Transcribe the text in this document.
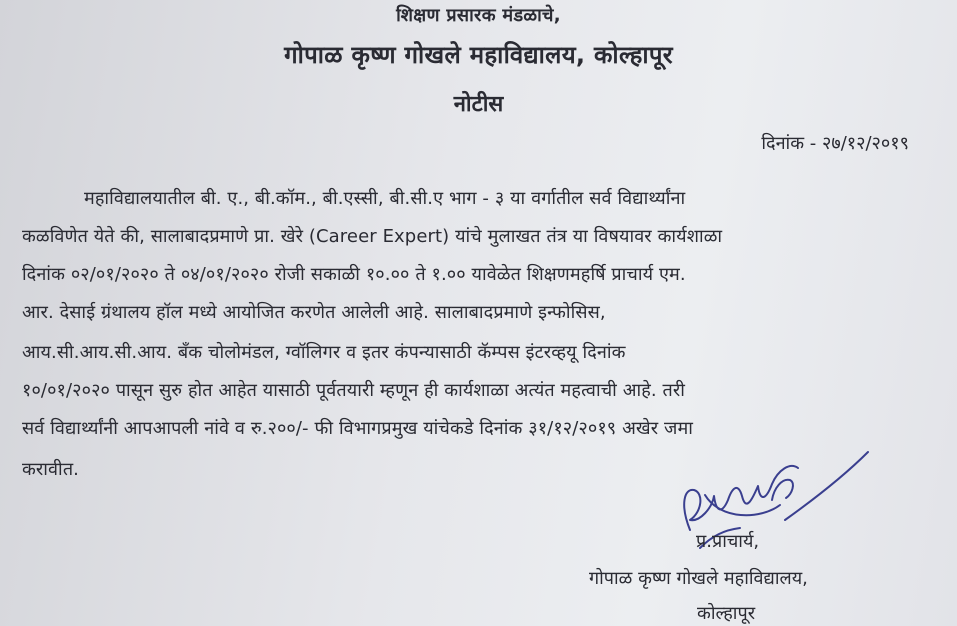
शिक्षण प्रसारक मंडळाचे,
गोपाळ कृष्ण गोखले महाविद्यालय, कोल्हापूर
नोटीस
दिनांक - २७/१२/२०१९
महाविद्यालयातील बी. ए., बी.कॉम., बी.एस्सी, बी.सी.ए भाग - ३ या वर्गातील सर्व विद्यार्थ्यांना
कळविणेत येते की, सालाबादप्रमाणे प्रा. खेरे (Career Expert) यांचे मुलाखत तंत्र या विषयावर कार्यशाळा
दिनांक ०२/०१/२०२० ते ०४/०१/२०२० रोजी सकाळी १०.०० ते १.०० यावेळेत शिक्षणमहर्षि प्राचार्य एम.
आर. देसाई ग्रंथालय हॉल मध्ये आयोजित करणेत आलेली आहे. सालाबादप्रमाणे इन्फोसिस,
आय.सी.आय.सी.आय. बँक चोलोमंडल, ग्वॉलिगर व इतर कंपन्यासाठी कॅम्पस इंटरव्हयू दिनांक
१०/०१/२०२० पासून सुरु होत आहेत यासाठी पूर्वतयारी म्हणून ही कार्यशाळा अत्यंत महत्वाची आहे. तरी
सर्व विद्यार्थ्यांनी आपआपली नांवे व रु.२००/- फी विभागप्रमुख यांचेकडे दिनांक ३१/१२/२०१९ अखेर जमा
करावीत.
प्र.प्राचार्य,
गोपाळ कृष्ण गोखले महाविद्यालय,
कोल्हापूर
